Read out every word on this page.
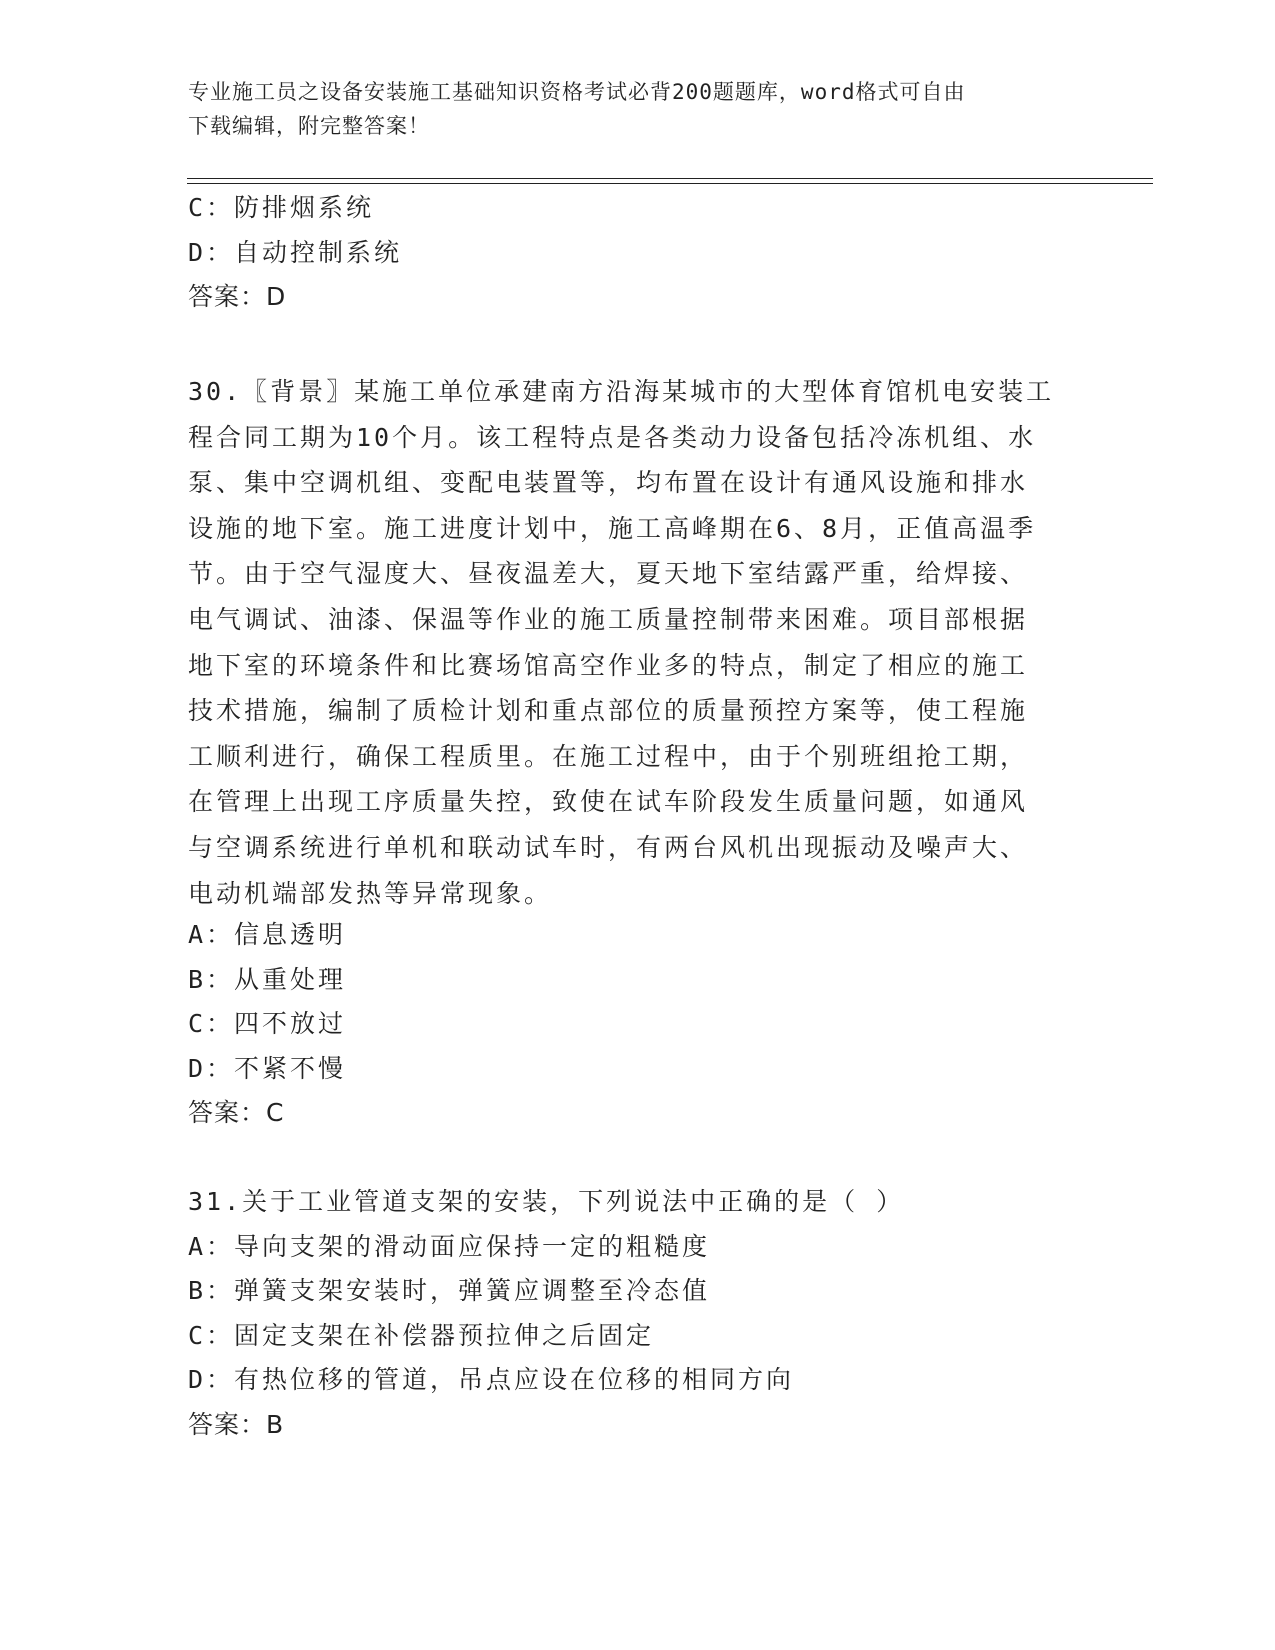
专业施工员之设备安装施工基础知识资格考试必背200题题库，word格式可自由
下载编辑，附完整答案！
C：防排烟系统
D：自动控制系统
答案：D
30.〖背景〗某施工单位承建南方沿海某城市的大型体育馆机电安装工
程合同工期为10个月。该工程特点是各类动力设备包括冷冻机组、水
泵、集中空调机组、变配电装置等，均布置在设计有通风设施和排水
设施的地下室。施工进度计划中，施工高峰期在6、8月，正值高温季
节。由于空气湿度大、昼夜温差大，夏天地下室结露严重，给焊接、
电气调试、油漆、保温等作业的施工质量控制带来困难。项目部根据
地下室的环境条件和比赛场馆高空作业多的特点，制定了相应的施工
技术措施，编制了质检计划和重点部位的质量预控方案等，使工程施
工顺利进行，确保工程质里。在施工过程中，由于个别班组抢工期，
在管理上出现工序质量失控，致使在试车阶段发生质量问题，如通风
与空调系统进行单机和联动试车时，有两台风机出现振动及噪声大、
电动机端部发热等异常现象。
A：信息透明
B：从重处理
C：四不放过
D：不紧不慢
答案：C
31.关于工业管道支架的安装，下列说法中正确的是（ ）
A：导向支架的滑动面应保持一定的粗糙度
B：弹簧支架安装时，弹簧应调整至冷态值
C：固定支架在补偿器预拉伸之后固定
D：有热位移的管道，吊点应设在位移的相同方向
答案：B
